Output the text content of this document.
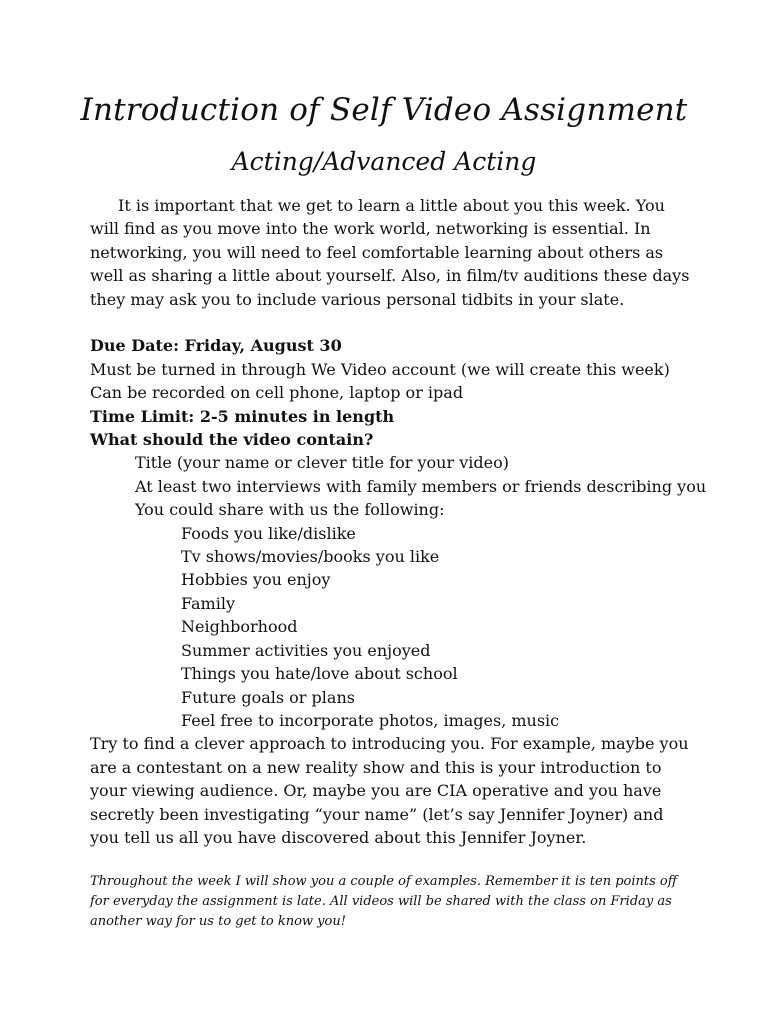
Introduction of Self Video Assignment
Acting/Advanced Acting

It is important that we get to learn a little about you this week. You will find as you move into the work world, networking is essential. In networking, you will need to feel comfortable learning about others as well as sharing a little about yourself. Also, in film/tv auditions these days they may ask you to include various personal tidbits in your slate.

Due Date: Friday, August 30

Must be turned in through We Video account (we will create this week)

Can be recorded on cell phone, laptop or ipad

Time Limit: 2-5 minutes in length

What should the video contain?

Title (your name or clever title for your video)

At least two interviews with family members or friends describing you

You could share with us the following:

Foods you like/dislike

Tv shows/movies/books you like

Hobbies you enjoy

Family

Neighborhood

Summer activities you enjoyed

Things you hate/love about school

Future goals or plans

Feel free to incorporate photos, images, music

Try to find a clever approach to introducing you. For example, maybe you are a contestant on a new reality show and this is your introduction to your viewing audience. Or, maybe you are CIA operative and you have secretly been investigating “your name” (let’s say Jennifer Joyner) and you tell us all you have discovered about this Jennifer Joyner.

Throughout the week I will show you a couple of examples. Remember it is ten points off for everyday the assignment is late. All videos will be shared with the class on Friday as another way for us to get to know you!
